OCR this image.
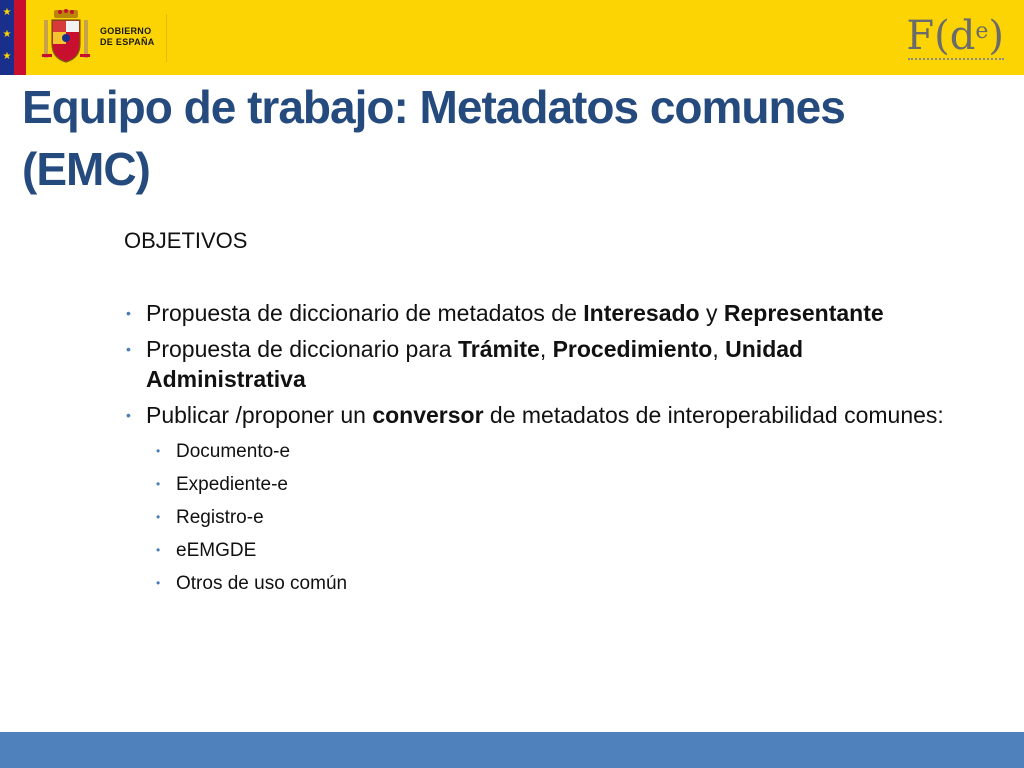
★
★
★
GOBIERNO
DE ESPAÑA	$F(d^e)$
Equipo de trabajo: Metadatos comunes (EMC)
OBJETIVOS
• Propuesta de diccionario de metadatos de Interesado y Representante
• Propuesta de diccionario para Trámite, Procedimiento, Unidad Administrativa
• Publicar /proponer un conversor de metadatos de interoperabilidad comunes:
• Documento-e
• Expediente-e
• Registro-e
• eEMGDE
• Otros de uso común
